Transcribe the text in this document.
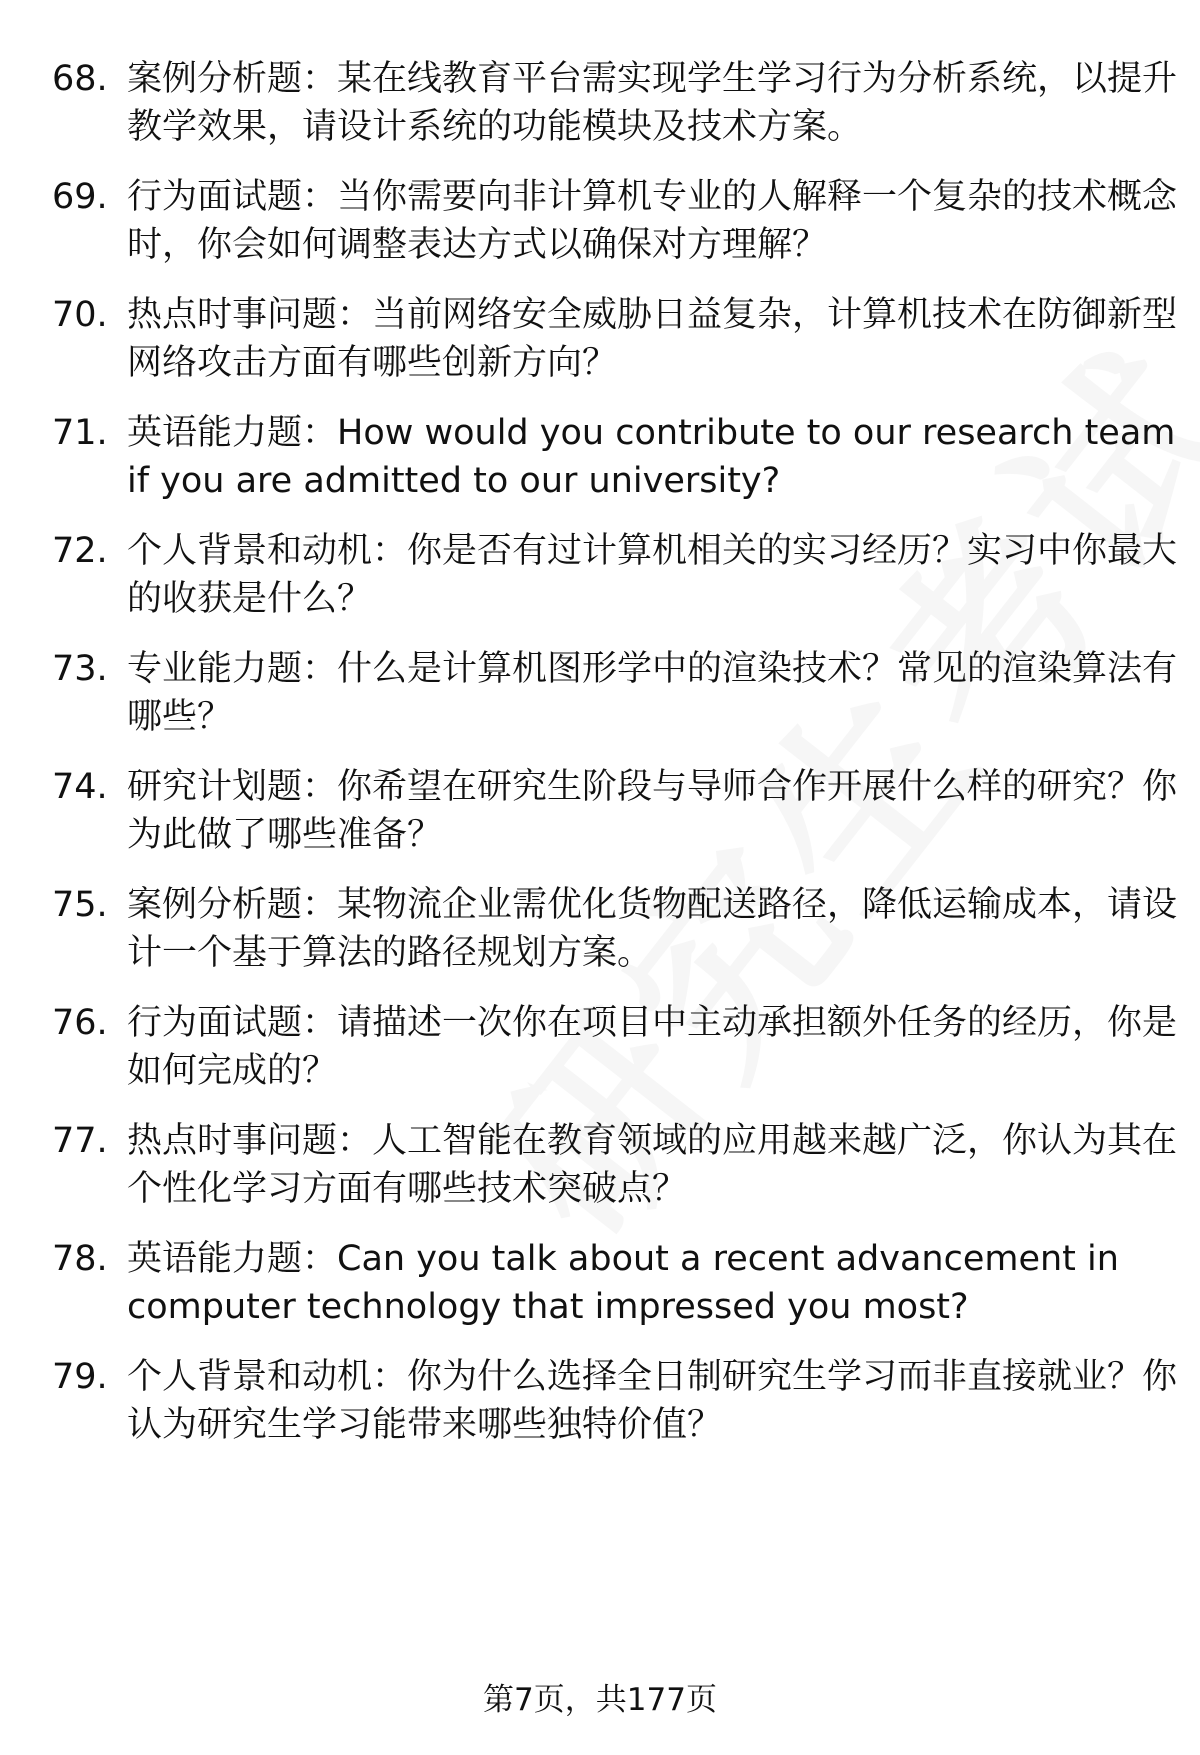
68. 案例分析题：某在线教育平台需实现学生学习行为分析系统，以提升教学效果，请设计系统的功能模块及技术方案。
69. 行为面试题：当你需要向非计算机专业的人解释一个复杂的技术概念时，你会如何调整表达方式以确保对方理解？
70. 热点时事问题：当前网络安全威胁日益复杂，计算机技术在防御新型网络攻击方面有哪些创新方向？
71. 英语能力题：How would you contribute to our research team if you are admitted to our university?
72. 个人背景和动机：你是否有过计算机相关的实习经历？实习中你最大的收获是什么？
73. 专业能力题：什么是计算机图形学中的渲染技术？常见的渲染算法有哪些？
74. 研究计划题：你希望在研究生阶段与导师合作开展什么样的研究？你为此做了哪些准备？
75. 案例分析题：某物流企业需优化货物配送路径，降低运输成本，请设计一个基于算法的路径规划方案。
76. 行为面试题：请描述一次你在项目中主动承担额外任务的经历，你是如何完成的？
77. 热点时事问题：人工智能在教育领域的应用越来越广泛，你认为其在个性化学习方面有哪些技术突破点？
78. 英语能力题：Can you talk about a recent advancement in computer technology that impressed you most?
79. 个人背景和动机：你为什么选择全日制研究生学习而非直接就业？你认为研究生学习能带来哪些独特价值？
第7页，共177页
